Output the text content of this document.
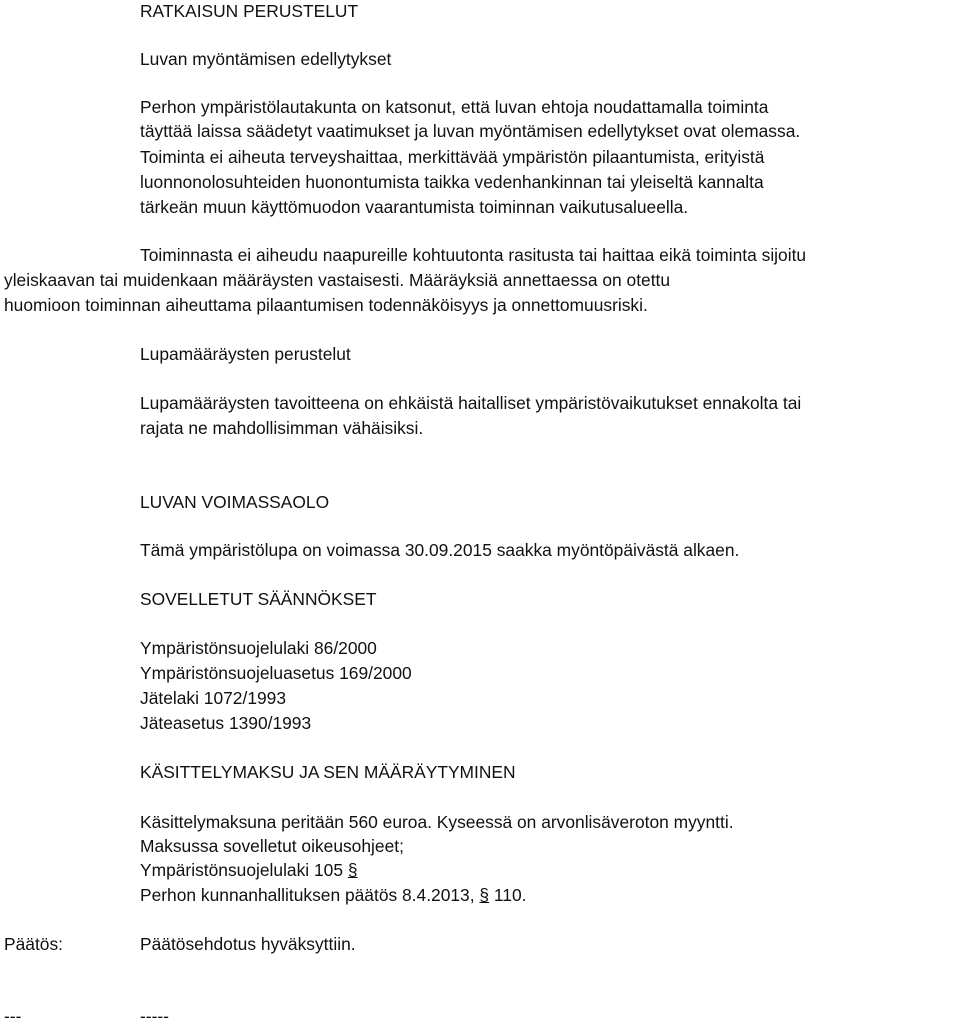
RATKAISUN PERUSTELUT

Luvan myöntämisen edellytykset

Perhon ympäristölautakunta on katsonut, että luvan ehtoja noudattamalla toiminta

täyttää laissa säädetyt vaatimukset ja luvan myöntämisen edellytykset ovat olemassa.

Toiminta ei aiheuta terveyshaittaa, merkittävää ympäristön pilaantumista, erityistä

luonnonolosuhteiden huonontumista taikka vedenhankinnan tai yleiseltä kannalta

tärkeän muun käyttömuodon vaarantumista toiminnan vaikutusalueella.

Toiminnasta ei aiheudu naapureille kohtuutonta rasitusta tai haittaa eikä toiminta sijoitu

yleiskaavan tai muidenkaan määräysten vastaisesti. Määräyksiä annettaessa on otettu

huomioon toiminnan aiheuttama pilaantumisen todennäköisyys ja onnettomuusriski.

Lupamääräysten perustelut

Lupamääräysten tavoitteena on ehkäistä haitalliset ympäristövaikutukset ennakolta tai

rajata ne mahdollisimman vähäisiksi.

LUVAN VOIMASSAOLO

Tämä ympäristölupa on voimassa 30.09.2015 saakka myöntöpäivästä alkaen.

SOVELLETUT SÄÄNNÖKSET

Ympäristönsuojelulaki 86/2000

Ympäristönsuojeluasetus 169/2000

Jätelaki 1072/1993

Jäteasetus 1390/1993

KÄSITTELYMAKSU JA SEN MÄÄRÄYTYMINEN

Käsittelymaksuna peritään 560 euroa. Kyseessä on arvonlisäveroton myyntti.

Maksussa sovelletut oikeusohjeet;

Ympäristönsuojelulaki 105 §

Perhon kunnanhallituksen päätös 8.4.2013, § 110.

Päätös:	Päätösehdotus hyväksyttiin.

---	-----
